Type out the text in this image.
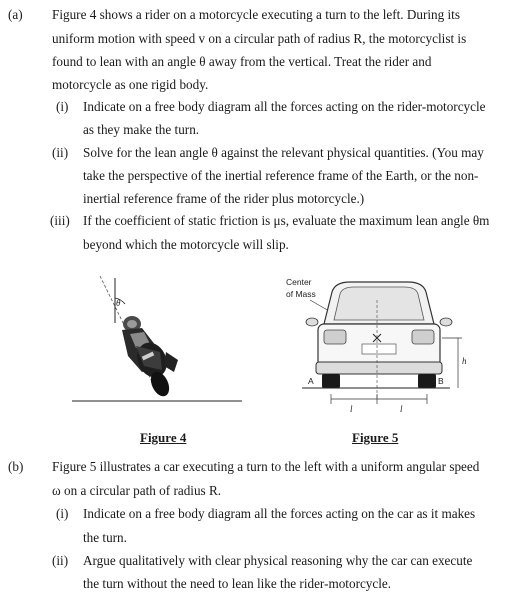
(a) Figure 4 shows a rider on a motorcycle executing a turn to the left. During its
uniform motion with speed v on a circular path of radius R, the motorcyclist is
found to lean with an angle θ away from the vertical. Treat the rider and
motorcycle as one rigid body.
(i) Indicate on a free body diagram all the forces acting on the rider-motorcycle
as they make the turn.
(ii) Solve for the lean angle θ against the relevant physical quantities. (You may
take the perspective of the inertial reference frame of the Earth, or the non-
inertial reference frame of the rider plus motorcycle.)
(iii) If the coefficient of static friction is μs, evaluate the maximum lean angle θm
beyond which the motorcycle will slip.
θ
Center
of Mass
h
A	B
l	l
Figure 4	Figure 5
(b) Figure 5 illustrates a car executing a turn to the left with a uniform angular speed
ω on a circular path of radius R.
(i) Indicate on a free body diagram all the forces acting on the car as it makes
the turn.
(ii) Argue qualitatively with clear physical reasoning why the car can execute
the turn without the need to lean like the rider-motorcycle.
